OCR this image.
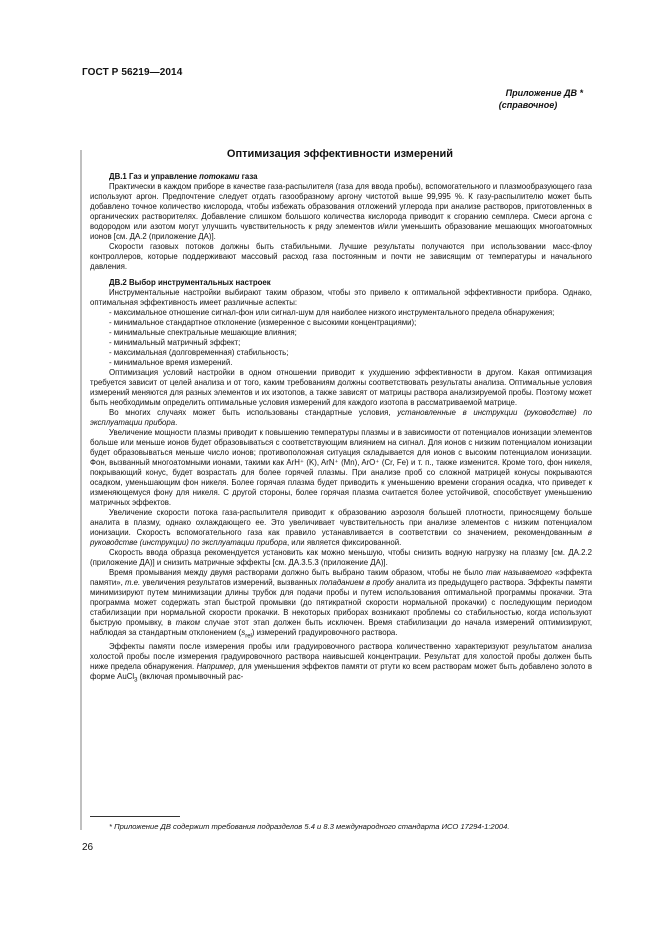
ГОСТ Р 56219—2014
Приложение ДВ *

(справочное)
Оптимизация эффективности измерений

ДВ.1 Газ и управление потоками газа

Практически в каждом приборе в качестве газа-распылителя (газа для ввода пробы), вспомогательного и плазмообразующего газа используют аргон. Предпочтение следует отдать газообразному аргону чистотой выше 99,995 %. К газу-распылителю может быть добавлено точное количество кислорода, чтобы избежать образования отложений углерода при анализе растворов, приготовленных в органических растворителях. Добавление слишком большого количества кислорода приводит к сгоранию семплера. Смеси аргона с водородом или азотом могут улучшить чувствительность к ряду элементов и/или уменьшить образование мешающих многоатомных ионов [см. ДА.2 (приложение ДА)].

Скорости газовых потоков должны быть стабильными. Лучшие результаты получаются при использовании масс-флоу контроллеров, которые поддерживают массовый расход газа постоянным и почти не зависящим от температуры и начального давления.

ДВ.2 Выбор инструментальных настроек

Инструментальные настройки выбирают таким образом, чтобы это привело к оптимальной эффективности прибора. Однако, оптимальная эффективность имеет различные аспекты:

- максимальное отношение сигнал-фон или сигнал-шум для наиболее низкого инструментального предела обнаружения;

- минимальное стандартное отклонение (измеренное с высокими концентрациями);

- минимальные спектральные мешающие влияния;

- минимальный матричный эффект;

- максимальная (долговременная) стабильность;

- минимальное время измерений.

Оптимизация условий настройки в одном отношении приводит к ухудшению эффективности в другом. Какая оптимизация требуется зависит от целей анализа и от того, каким требованиям должны соответствовать результаты анализа. Оптимальные условия измерений меняются для разных элементов и их изотопов, а также зависят от матрицы раствора анализируемой пробы. Поэтому может быть необходимым определить оптимальные условия измерений для каждого изотопа в рассматриваемой матрице.

Во многих случаях может быть использованы стандартные условия, установленные в инструкции (руководстве) по эксплуатации прибора.

Увеличение мощности плазмы приводит к повышению температуры плазмы и в зависимости от потенциалов ионизации элементов больше или меньше ионов будет образовываться с соответствующим влиянием на сигнал. Для ионов с низким потенциалом ионизации будет образовываться меньше число ионов; противоположная ситуация складывается для ионов с высоким потенциалом ионизации. Фон, вызванный многоатомными ионами, такими как ArH⁺ (K), ArN⁺ (Mn), ArO⁺ (Cr, Fe) и т. п., также изменится. Кроме того, фон никеля, покрывающий конус, будет возрастать для более горячей плазмы. При анализе проб со сложной матрицей конусы покрываются осадком, уменьшающим фон никеля. Более горячая плазма будет приводить к уменьшению времени сгорания осадка, что приведет к изменяющемуся фону для никеля. С другой стороны, более горячая плазма считается более устойчивой, способствует уменьшению матричных эффектов.

Увеличение скорости потока газа-распылителя приводит к образованию аэрозоля большей плотности, приносящему больше аналита в плазму, однако охлаждающего ее. Это увеличивает чувствительность при анализе элементов с низким потенциалом ионизации. Скорость вспомогательного газа как правило устанавливается в соответствии со значением, рекомендованным в руководстве (инструкции) по эксплуатации прибора, или является фиксированной.

Скорость ввода образца рекомендуется установить как можно меньшую, чтобы снизить водную нагрузку на плазму [см. ДА.2.2 (приложение ДА)] и снизить матричные эффекты [см. ДА.3.5.3 (приложение ДА)].

Время промывания между двумя растворами должно быть выбрано таким образом, чтобы не было так называемого «эффекта памяти», т.е. увеличения результатов измерений, вызванных попаданием в пробу аналита из предыдущего раствора. Эффекты памяти минимизируют путем минимизации длины трубок для подачи пробы и путем использования оптимальной программы прокачки. Эта программа может содержать этап быстрой промывки (до пятикратной скорости нормальной прокачки) с последующим периодом стабилизации при нормальной скорости прокачки. В некоторых приборах возникают проблемы со стабильностью, когда используют быструю промывку, в таком случае этот этап должен быть исключен. Время стабилизации до начала измерений оптимизируют, наблюдая за стандартным отклонением $(s_{rel})$ измерений градуировочного раствора.

Эффекты памяти после измерения пробы или градуировочного раствора количественно характеризуют результатом анализа холостой пробы после измерения градуировочного раствора наивысшей концентрации. Результат для холостой пробы должен быть ниже предела обнаружения. Например, для уменьшения эффектов памяти от ртути ко всем растворам может быть добавлено золото в форме AuCl$_3$ (включая промывочный рас-

* Приложение ДВ содержит требования подразделов 5.4 и 8.3 международного стандарта ИСО 17294-1:2004.
26
